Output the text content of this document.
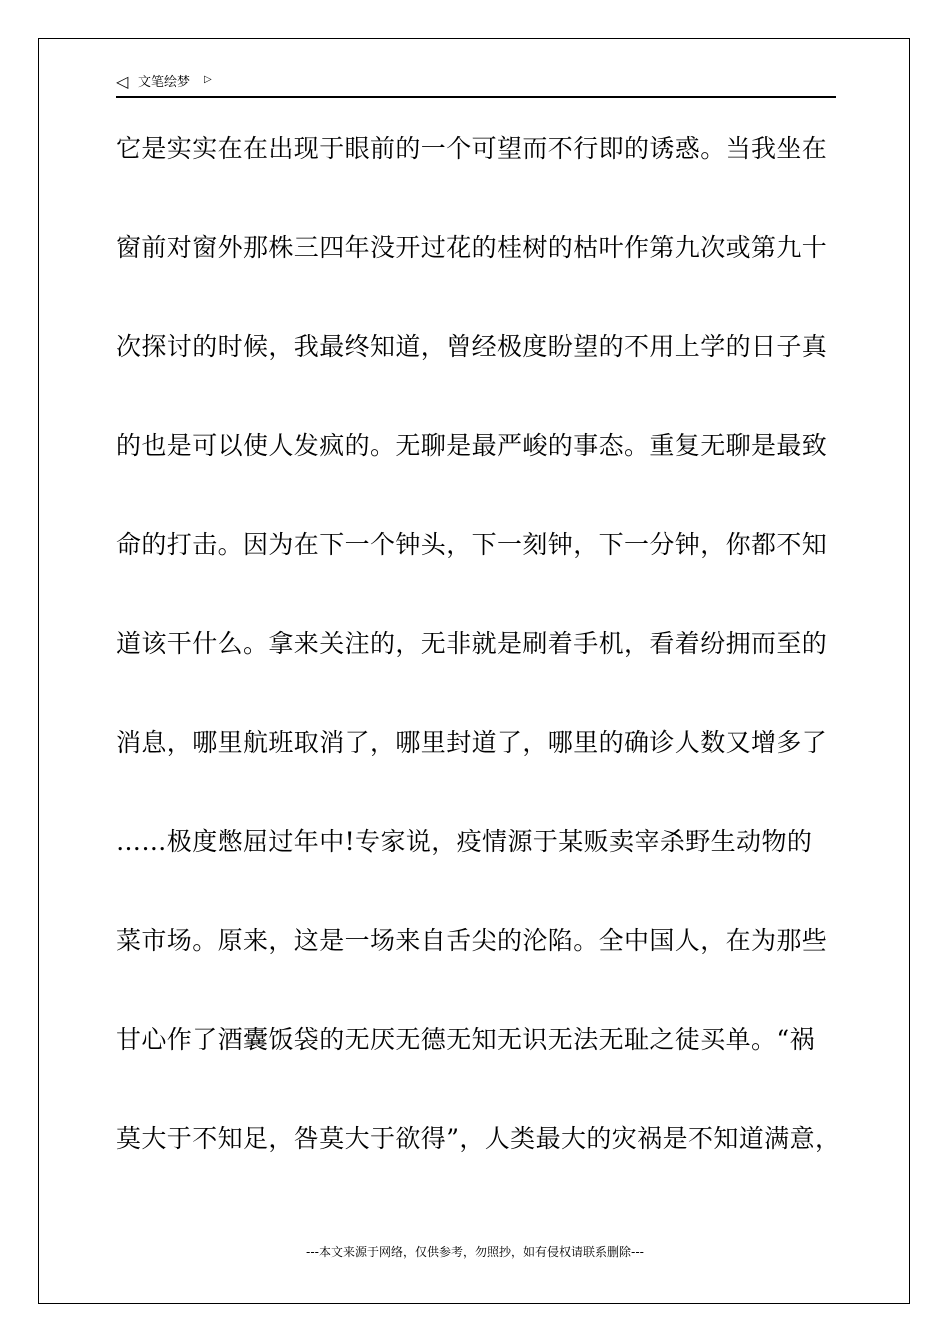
◁ 文笔绘梦 ▷
它是实实在在出现于眼前的一个可望而不行即的诱惑。当我坐在
窗前对窗外那株三四年没开过花的桂树的枯叶作第九次或第九十
次探讨的时候，我最终知道，曾经极度盼望的不用上学的日子真
的也是可以使人发疯的。无聊是最严峻的事态。重复无聊是最致
命的打击。因为在下一个钟头，下一刻钟，下一分钟，你都不知
道该干什么。拿来关注的，无非就是刷着手机，看着纷拥而至的
消息，哪里航班取消了，哪里封道了，哪里的确诊人数又增多了
……极度憋屈过年中!专家说，疫情源于某贩卖宰杀野生动物的
菜市场。原来，这是一场来自舌尖的沦陷。全中国人，在为那些
甘心作了酒囊饭袋的无厌无德无知无识无法无耻之徒买单。“祸
莫大于不知足，咎莫大于欲得”，人类最大的灾祸是不知道满意，
---本文来源于网络，仅供参考，勿照抄，如有侵权请联系删除---
